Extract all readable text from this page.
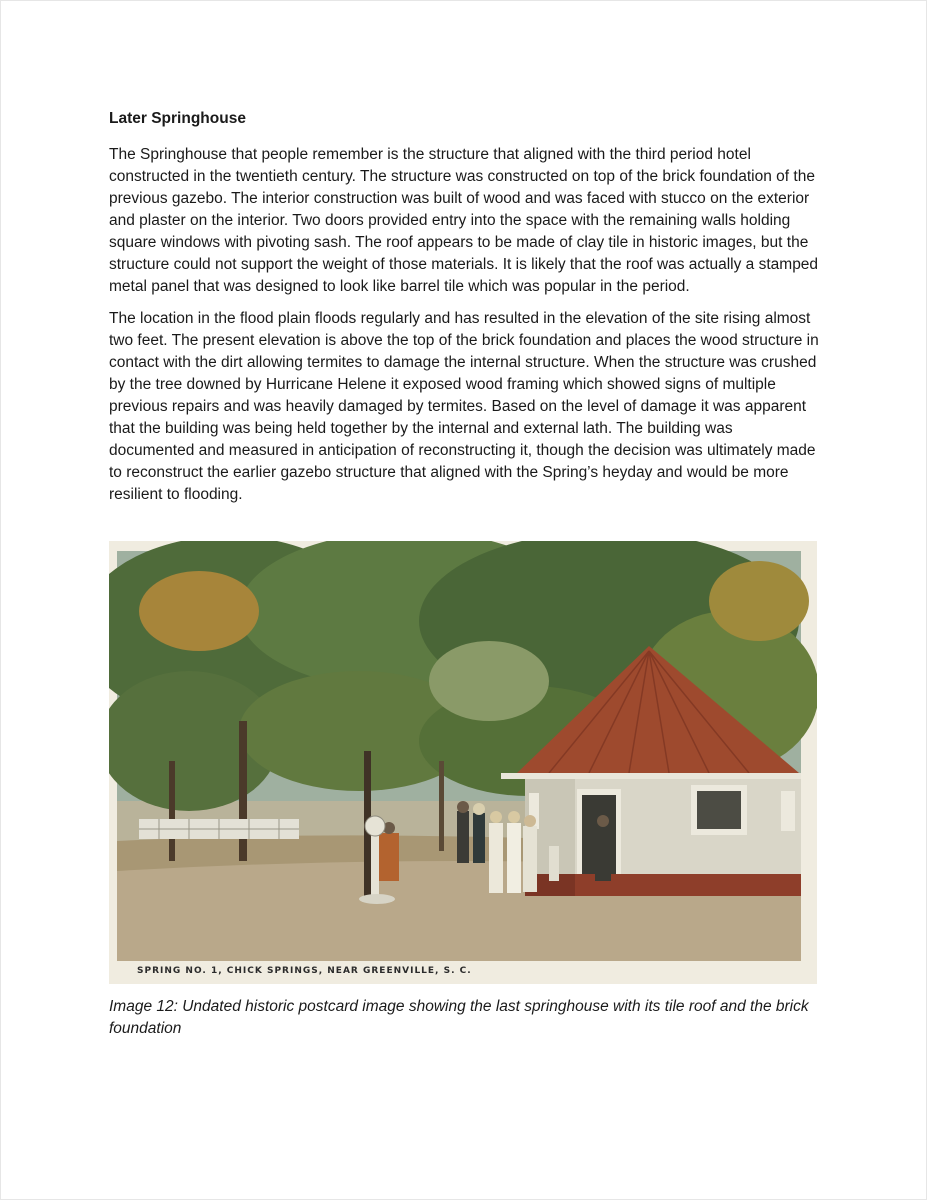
Later Springhouse

The Springhouse that people remember is the structure that aligned with the third period hotel constructed in the twentieth century. The structure was constructed on top of the brick foundation of the previous gazebo. The interior construction was built of wood and was faced with stucco on the exterior and plaster on the interior. Two doors provided entry into the space with the remaining walls holding square windows with pivoting sash. The roof appears to be made of clay tile in historic images, but the structure could not support the weight of those materials. It is likely that the roof was actually a stamped metal panel that was designed to look like barrel tile which was popular in the period.

The location in the flood plain floods regularly and has resulted in the elevation of the site rising almost two feet. The present elevation is above the top of the brick foundation and places the wood structure in contact with the dirt allowing termites to damage the internal structure. When the structure was crushed by the tree downed by Hurricane Helene it exposed wood framing which showed signs of multiple previous repairs and was heavily damaged by termites. Based on the level of damage it was apparent that the building was being held together by the internal and external lath. The building was documented and measured in anticipation of reconstructing it, though the decision was ultimately made to reconstruct the earlier gazebo structure that aligned with the Spring’s heyday and would be more resilient to flooding.

SPRING NO. 1, CHICK SPRINGS, NEAR GREENVILLE, S. C.
Image 12: Undated historic postcard image showing the last springhouse with its tile roof and the brick foundation
